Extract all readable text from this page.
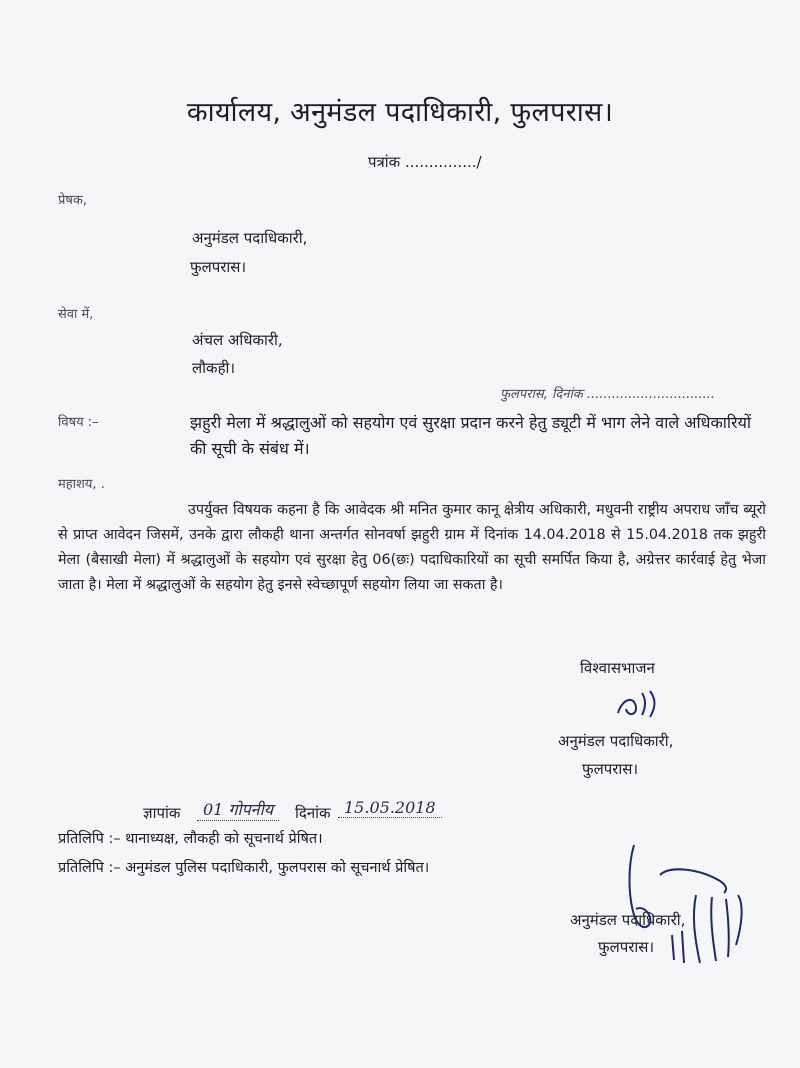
कार्यालय, अनुमंडल पदाधिकारी, फुलपरास।
पत्रांक .............../
प्रेषक,
अनुमंडल पदाधिकारी,
फुलपरास।
सेवा में,
अंचल अधिकारी,
लौकही।
फुलपरास, दिनांक ...............................
विषय :–	झहुरी मेला में श्रद्धालुओं को सहयोग एवं सुरक्षा प्रदान करने हेतु ड्यूटी में भाग लेने वाले अधिकारियों की सूची के संबंध में।
महाशय, .
उपर्युक्त विषयक कहना है कि आवेदक श्री मनित कुमार कानू क्षेत्रीय अधिकारी, मधुवनी राष्ट्रीय अपराध जाँच ब्यूरो से प्राप्त आवेदन जिसमें, उनके द्वारा लौकही थाना अन्तर्गत सोनवर्षा झहुरी ग्राम में दिनांक 14.04.2018 से 15.04.2018 तक झहुरी मेला (बैसाखी मेला) में श्रद्धालुओं के सहयोग एवं सुरक्षा हेतु 06(छः) पदाधिकारियों का सूची समर्पित किया है, अग्रेत्तर कार्रवाई हेतु भेजा जाता है। मेला में श्रद्धालुओं के सहयोग हेतु इनसे स्वेच्छापूर्ण सहयोग लिया जा सकता है।
विश्वासभाजन
अनुमंडल पदाधिकारी,
फुलपरास।
ज्ञापांक	01 गोपनीय	दिनांक 15.05.2018
प्रतिलिपि :– थानाध्यक्ष, लौकही को सूचनार्थ प्रेषित।
प्रतिलिपि :– अनुमंडल पुलिस पदाधिकारी, फुलपरास को सूचनार्थ प्रेषित।
अनुमंडल पदाधिकारी,
फुलपरास।
